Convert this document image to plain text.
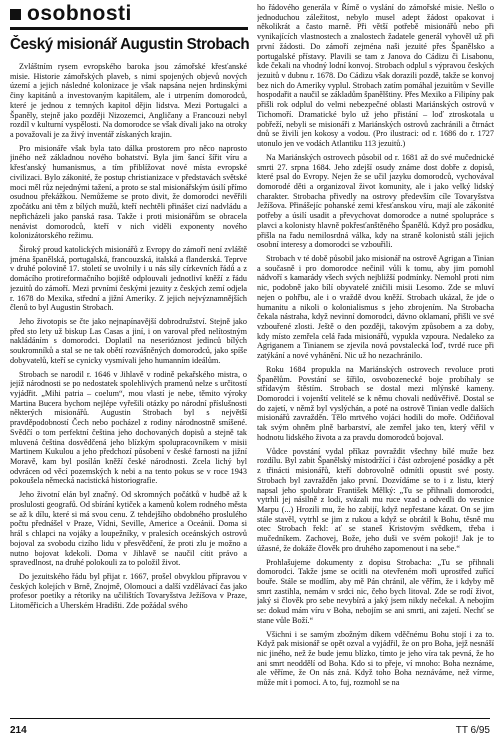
osobnosti
Český misionář Augustin Strobach

Zvláštním rysem evropského baroka jsou zámořské křesťanské misie. Historie zámořských plaveb, s nimi spojených objevů nových území a jejich následné kolonizace je však napsána nejen hrdinskými činy kapitánů a investovaným kapitálem, ale i utrpením domorodců, které je jednou z temných kapitol dějin lidstva. Mezi Portugalci a Španěly, stejně jako později Nizozemci, Angličany a Francouzi nebyl rozdíl v kulturní vyspělosti. Na domorodce se však dívali jako na otroky a považovali je za živý inventář získaných krajin.

Pro misionáře však byla tato dálka prostorem pro něco naprosto jiného než základnou nového bohatství. Byla jim šancí šířit víru a křesťanský humanismus, a tím přiblížovat nové místa evropské civilizaci. Bylo zákonité, že postup christianizace v představách světské moci měl růz nejednými tažení, a proto se stal misionářským úsilí přímo osudnou překážkou. Nemůžeme se proto divit, že domorodci nevěřili zpočátku ani těm z bílých mužů, kteří nechtěli přinášet cizí nadvládu a nepřicházeli jako panská rasa. Takže i proti misionářům se obracela nenávist domorodců, kteří v nich viděli exponenty nového kolonizátorského režimu.

Široký proud katolických misionářů z Evropy do zámoří není zvláště jména španělská, portugalská, francouzská, italská a flanderská. Teprve v druhé polovině 17. století se uvolnily i u nás síly církevních řádů a z domácího protireformačního bojiště odplouvali jednotliví kněží z řádu jezuitů do zámoří. Mezi prvními českými jezuity z českých zemí odjela r. 1678 do Mexika, střední a jižní Ameriky. Z jejich nejvýznamnějších členů to byl Augustin Strobach.

Jeho životopis se čte jako nejnapínavější dobrodružství. Stejně jako před sto lety už biskup Las Casas a jiní, i on varoval před nelítostným nakládáním s domorodci. Doplatil na neserióznost jedinců bílých soukromníků a stal se ne tak obětí rozvášněných domorodců, jako spíše dobyvatelů, kteří se cynicky vysmívali jeho humanním ideálům.

Strobach se narodil r. 1646 v Jihlavě v rodině pekařského mistra, o jejíž národnosti se po nedostatek spolehlivých pramenů nelze s určitostí vyjádřit. „Mihi patria – coelum“, mou vlastí je nebe, těmito výroky Martina Bucera bychom nejlépe vyřešili otázky po národní příslušnosti některých misionářů. Augustin Strobach byl s největší pravděpodobností Čech nebo pocházel z rodiny národnostně smíšené. Svědčí o tom perfektní čeština jeho dochovaných dopisů a stejně tak mluvená čeština dosvědčená jeho blízkým spolupracovníkem v misii Martinem Kukulou a jeho předchozí působení v české farnosti na jižní Moravě, kam byl posílán kněží české národnosti. Zcela lichý byl odvrácen od věcí pozemských k nebi a na tento pokus se v roce 1943 pokoušela německá nacistická historiografie.

Jeho životní elán byl značný. Od skromných počátků v hudbě až k proslulosti geografů. Od sbírání kytiček a kamenů kolem rodného města se až k dílu, které si má svou cenu. Z tehdejšího obdobného proslulého počtu přednášel v Praze, Vídni, Seville, Americe a Oceánii. Doma si hrál s chlapci na vojáky a loupežníky, v pralesích oceánských ostrovů bojoval za svobodu cizího lidu v přesvědčení, že proti zlu je možno a nutno bojovat kdekoli. Doma v Jihlavě se naučil cítit právo a spravedlnost, na druhé polokouli za to položil život.

Do jezuitského řádu byl přijat r. 1667, prošel obvyklou přípravou v českých kolejích v Brně, Znojmě, Olomouci a další vzdělávací čas jako profesor poetiky a rétoriky na učilištích Tovaryšstva Ježíšova v Praze, Litoměřicích a Uherském Hradišti. Zde požádal svého

ho řádového generála v Římě o vyslání do zámořské misie. Nešlo o jednoduchou záležitost, nebylo musel adept žádost opakovat i několikrát a často marně. Při větší potřebě misionářů nebo při vynikajících vlastnostech a znalostech žadatele generál vyhověl už při první žádosti. Do zámoří zejména naši jezuité přes Španělsko a portugalské přístavy. Plavili se tam z Janova do Cádizu či Lisabonu, kde čekali na vhodný lodní konvoj. Strobach odplul s výpravou českých jezuitů v dubnu r. 1678. Do Cádizu však dorazili pozdě, takže se konvoj bez nich do Ameriky vyplul. Strobach zatím pomáhal jezuitům v Seville hospodařit a naučil se základům španělštiny. Přes Mexiko a Filipíny pak přišli rok odplul do velmi nebezpečné oblasti Mariánských ostrovů v Tichomoří. Dramatické bylo už jeho přistání – loď ztroskotala u pobřeží, nebyli se misionáři z Mariánských ostrovů zachránili a čtrnáct dnů se živili jen kokosy a vodou. (Pro ilustraci: od r. 1686 do r. 1727 utonulo jen ve vodách Atlantiku 113 jezuitů.)

Na Mariánských ostrovech působil od r. 1681 až do své mučednické smrti 27. srpna 1684. Jeho zdejší osudy známe dost dobře z dopisů, které psal do Evropy. Nejen že se učil jazyku domorodců, vychovával domorodé děti a organizoval život komunity, ale i jako velký lidský charakter. Strobacha přivedly na ostrovy především cíle Tovaryšstva Ježíšova. Přinášejíc pohanské zemi křesťanskou víru, mají ale zákonité potřeby a úsilí usadit a převychovat domorodce a nutné spolupráce s plavci a kolonisty hlavně pokřesťanštěného Španělů. Když pro posádku, přišla na řadu nemilosrdná válka, kdy na straně kolonistů stáli jejich osobní interesy a domorodci se vzbouřili.

Strobach v té době působil jako misionář na ostrově Agrigan a Tinian a současně i pro domorodce nečinil vůli k tomu, aby jim pomohl nádvoří s kamarády všech svých nejbližší podmínky. Nemohl proti nim nic, podobně jako bílí obyvatelé zničili misii Lesomo. Zde se mluví nejen o pohřbu, ale i o vraždě dvou kněží. Strobach ukázal, že jde o humanitu a nikoli o kolonialismus s jeho zbrojením. Na Strobacha čekala nástraha, když nevinní domorodci, dávno oklamaní, přišli ve své vzbouřené zlosti. Ještě o den později, takovým způsobem a za doby, kdy místo zemřela celá řada misionářů, vypukla vzpoura. Nedaleko za Agriganem a Tinianem se zjevila nová povstalecká loď, tvrdé ruce při zatýkání a nové vyhánění. Nic už ho nezachránilo.

Roku 1684 propukla na Mariánských ostrovech revoluce proti Španělům. Povstání se šířilo, osvobozenecké boje probíhaly se střídavým štěstím. Strobach se dostal mezi mlýnské kameny. Domorodci i vojenští velitelé se k němu chovali nedůvěřivě. Dostal se do zajetí, v němž byl vyslýchán, a poté na ostrově Tinian vedle dalších misionářů zavražděn. Tělo mrtvého vojáci hodili do moře. Odčiňoval tak svým ohněm plně barbarství, ale zemřel jako ten, který věřil v hodnotu lidského života a za pravdu domorodců bojoval.

Vůdce povstání vydal příkaz povraždit všechny bílé muže bez rozdílu. Byl zabit Španělský místodržící i část ozbrojené posádky a pět z třinácti misionářů, kteří dobrovolně odmítli opustit své posty. Strobach byl zavražděn jako první. Dozvídáme se to i z listu, který napsal jeho spolubratr František Mělký: „Tu se přihnali domorodci, vytrhli jej násilně z lodi, svázali mu ruce vzad a odvedli do vesnice Marpu (...) Hrozili mu, že ho zabijí, když nepřestane kázat. On se jim stále stavěl, vytrhl se jim z rukou a když se obrátil k Bohu, těsně mu otec Strobach řekl: ať se staneš Kristovým svědkem, třeba i mučedníkem. Zachovej, Bože, jeho duši ve svém pokoji! Jak je to úžasné, že dokáže člověk pro druhého zapomenout i na sebe.“

Prohlašujeme dokumenty z dopisu Strobacha: „Tu se přihnali domorodci. Takže jsme se ocitli na otevřeném moři uprostřed zuřící bouře. Stále se modlím, aby mě Pán chránil, ale věřím, že i kdyby mě smrt zastihla, nemám v srdci nic, čeho bych litoval. Zde se rodí život, jaký si člověk pro sebe nevybírá a jaký jsem nikdy nečekal. A nebojím se: dokud mám víru v Boha, nebojím se ani smrti, ani zajetí. Nechť se stane vůle Boží.“

Všichni i se samým zbožným díkem vděčnému Bohu stojí i za to. Když pak misionář se opět ozval a vyjádřil, že on pro Boha, jejž nesnáší nic jiného, než že bude jemu blízko, tímto je jeho víra tak pevná, že ho ani smrt neoddělí od Boha. Kdo si to přeje, ví mnoho: Boha neznáme, ale věříme, že On nás zná. Když toho Boha neznáváme, než vírme, může mít i pomoci. A to, fuj, rozmohl se na

214	TT 6/95
